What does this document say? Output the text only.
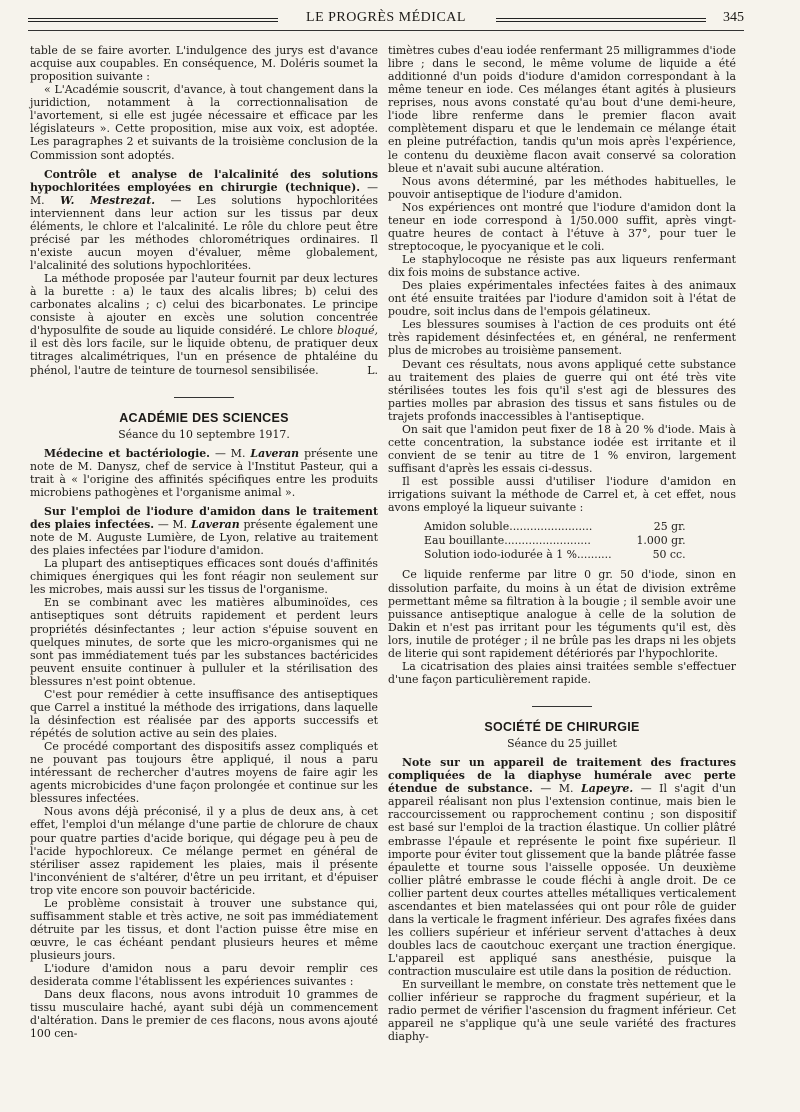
LE PROGRÈS MÉDICAL	345

table de se faire avorter. L'indulgence des jurys est d'avance acquise aux coupables. En conséquence, M. Doléris soumet la proposition suivante :

« L'Académie souscrit, d'avance, à tout changement dans la juridiction, notamment à la correctionnalisation de l'avortement, si elle est jugée nécessaire et efficace par les législateurs ». Cette proposition, mise aux voix, est adoptée. Les paragraphes 2 et suivants de la troisième conclusion de la Commission sont adoptés.

Contrôle et analyse de l'alcalinité des solutions hypochloritées employées en chirurgie (technique). — M. W. Mestrezat. — Les solutions hypochloritées interviennent dans leur action sur les tissus par deux éléments, le chlore et l'alcalinité. Le rôle du chlore peut être précisé par les méthodes chlorométriques ordinaires. Il n'existe aucun moyen d'évaluer, même globalement, l'alcalinité des solutions hypochloritées.

La méthode proposée par l'auteur fournit par deux lectures à la burette : a) le taux des alcalis libres; b) celui des carbonates alcalins ; c) celui des bicarbonates. Le principe consiste à ajouter en excès une solution concentrée d'hyposulfite de soude au liquide considéré. Le chlore bloqué, il est dès lors facile, sur le liquide obtenu, de pratiquer deux titrages alcalimétriques, l'un en présence de phtaléine du phénol, l'autre de teinture de tournesol sensibilisée.	L.

ACADÉMIE DES SCIENCES
Séance du 10 septembre 1917.

Médecine et bactériologie. — M. Laveran présente une note de M. Danysz, chef de service à l'Institut Pasteur, qui a trait à « l'origine des affinités spécifiques entre les produits microbiens pathogènes et l'organisme animal ».

Sur l'emploi de l'iodure d'amidon dans le traitement des plaies infectées. — M. Laveran présente également une note de M. Auguste Lumière, de Lyon, relative au traitement des plaies infectées par l'iodure d'amidon.

La plupart des antiseptiques efficaces sont doués d'affinités chimiques énergiques qui les font réagir non seulement sur les microbes, mais aussi sur les tissus de l'organisme.

En se combinant avec les matières albuminoïdes, ces antiseptiques sont détruits rapidement et perdent leurs propriétés désinfectantes ; leur action s'épuise souvent en quelques minutes, de sorte que les micro-organismes qui ne sont pas immédiatement tués par les substances bactéricides peuvent ensuite continuer à pulluler et la stérilisation des blessures n'est point obtenue.

C'est pour remédier à cette insuffisance des antiseptiques que Carrel a institué la méthode des irrigations, dans laquelle la désinfection est réalisée par des apports successifs et répétés de solution active au sein des plaies.

Ce procédé comportant des dispositifs assez compliqués et ne pouvant pas toujours être appliqué, il nous a paru intéressant de rechercher d'autres moyens de faire agir les agents microbicides d'une façon prolongée et continue sur les blessures infectées.

Nous avons déjà préconisé, il y a plus de deux ans, à cet effet, l'emploi d'un mélange d'une partie de chlorure de chaux pour quatre parties d'acide borique, qui dégage peu à peu de l'acide hypochloreux. Ce mélange permet en général de stériliser assez rapidement les plaies, mais il présente l'inconvénient de s'altérer, d'être un peu irritant, et d'épuiser trop vite encore son pouvoir bactéricide.

Le problème consistait à trouver une substance qui, suffisamment stable et très active, ne soit pas immédiatement détruite par les tissus, et dont l'action puisse être mise en œuvre, le cas échéant pendant plusieurs heures et même plusieurs jours.

L'iodure d'amidon nous a paru devoir remplir ces desiderata comme l'établissent les expériences suivantes :

Dans deux flacons, nous avons introduit 10 grammes de tissu musculaire haché, ayant subi déjà un commencement d'altération. Dans le premier de ces flacons, nous avons ajouté 100 cen-

timètres cubes d'eau iodée renfermant 25 milligrammes d'iode libre ; dans le second, le même volume de liquide a été additionné d'un poids d'iodure d'amidon correspondant à la même teneur en iode. Ces mélanges étant agités à plusieurs reprises, nous avons constaté qu'au bout d'une demi-heure, l'iode libre renferme dans le premier flacon avait complètement disparu et que le lendemain ce mélange était en pleine putréfaction, tandis qu'un mois après l'expérience, le contenu du deuxième flacon avait conservé sa coloration bleue et n'avait subi aucune altération.

Nous avons déterminé, par les méthodes habituelles, le pouvoir antiseptique de l'iodure d'amidon.

Nos expériences ont montré que l'iodure d'amidon dont la teneur en iode correspond à 1/50.000 suffit, après vingt-quatre heures de contact à l'étuve à 37°, pour tuer le streptocoque, le pyocyanique et le coli.

Le staphylocoque ne résiste pas aux liqueurs renfermant dix fois moins de substance active.

Des plaies expérimentales infectées faites à des animaux ont été ensuite traitées par l'iodure d'amidon soit à l'état de poudre, soit inclus dans de l'empois gélatineux.

Les blessures soumises à l'action de ces produits ont été très rapidement désinfectées et, en général, ne renferment plus de microbes au troisième pansement.

Devant ces résultats, nous avons appliqué cette substance au traitement des plaies de guerre qui ont été très vite stérilisées toutes les fois qu'il s'est agi de blessures des parties molles par abrasion des tissus et sans fistules ou de trajets profonds inaccessibles à l'antiseptique.

On sait que l'amidon peut fixer de 18 à 20 % d'iode. Mais à cette concentration, la substance iodée est irritante et il convient de se tenir au titre de 1 % environ, largement suffisant d'après les essais ci-dessus.

Il est possible aussi d'utiliser l'iodure d'amidon en irrigations suivant la méthode de Carrel et, à cet effet, nous avons employé la liqueur suivante :

Amidon soluble........................	25 gr.
Eau bouillante.........................	1.000 gr.
Solution iodo-iodurée à 1 %..........	50 cc.

Ce liquide renferme par litre 0 gr. 50 d'iode, sinon en dissolution parfaite, du moins à un état de division extrême permettant même sa filtration à la bougie ; il semble avoir une puissance antiseptique analogue à celle de la solution de Dakin et n'est pas irritant pour les téguments qu'il est, dès lors, inutile de protéger ; il ne brûle pas les draps ni les objets de literie qui sont rapidement détériorés par l'hypochlorite.

La cicatrisation des plaies ainsi traitées semble s'effectuer d'une façon particulièrement rapide.

SOCIÉTÉ DE CHIRURGIE
Séance du 25 juillet

Note sur un appareil de traitement des fractures compliquées de la diaphyse humérale avec perte étendue de substance. — M. Lapeyre. — Il s'agit d'un appareil réalisant non plus l'extension continue, mais bien le raccourcissement ou rapprochement continu ; son dispositif est basé sur l'emploi de la traction élastique. Un collier plâtré embrasse l'épaule et représente le point fixe supérieur. Il importe pour éviter tout glissement que la bande plâtrée fasse épaulette et tourne sous l'aisselle opposée. Un deuxième collier plâtré embrasse le coude fléchi à angle droit. De ce collier partent deux courtes attelles métalliques verticalement ascendantes et bien matelassées qui ont pour rôle de guider dans la verticale le fragment inférieur. Des agrafes fixées dans les colliers supérieur et inférieur servent d'attaches à deux doubles lacs de caoutchouc exerçant une traction énergique. L'appareil est appliqué sans anesthésie, puisque la contraction musculaire est utile dans la position de réduction.

En surveillant le membre, on constate très nettement que le collier inférieur se rapproche du fragment supérieur, et la radio permet de vérifier l'ascension du fragment inférieur. Cet appareil ne s'applique qu'à une seule variété des fractures diaphy-
